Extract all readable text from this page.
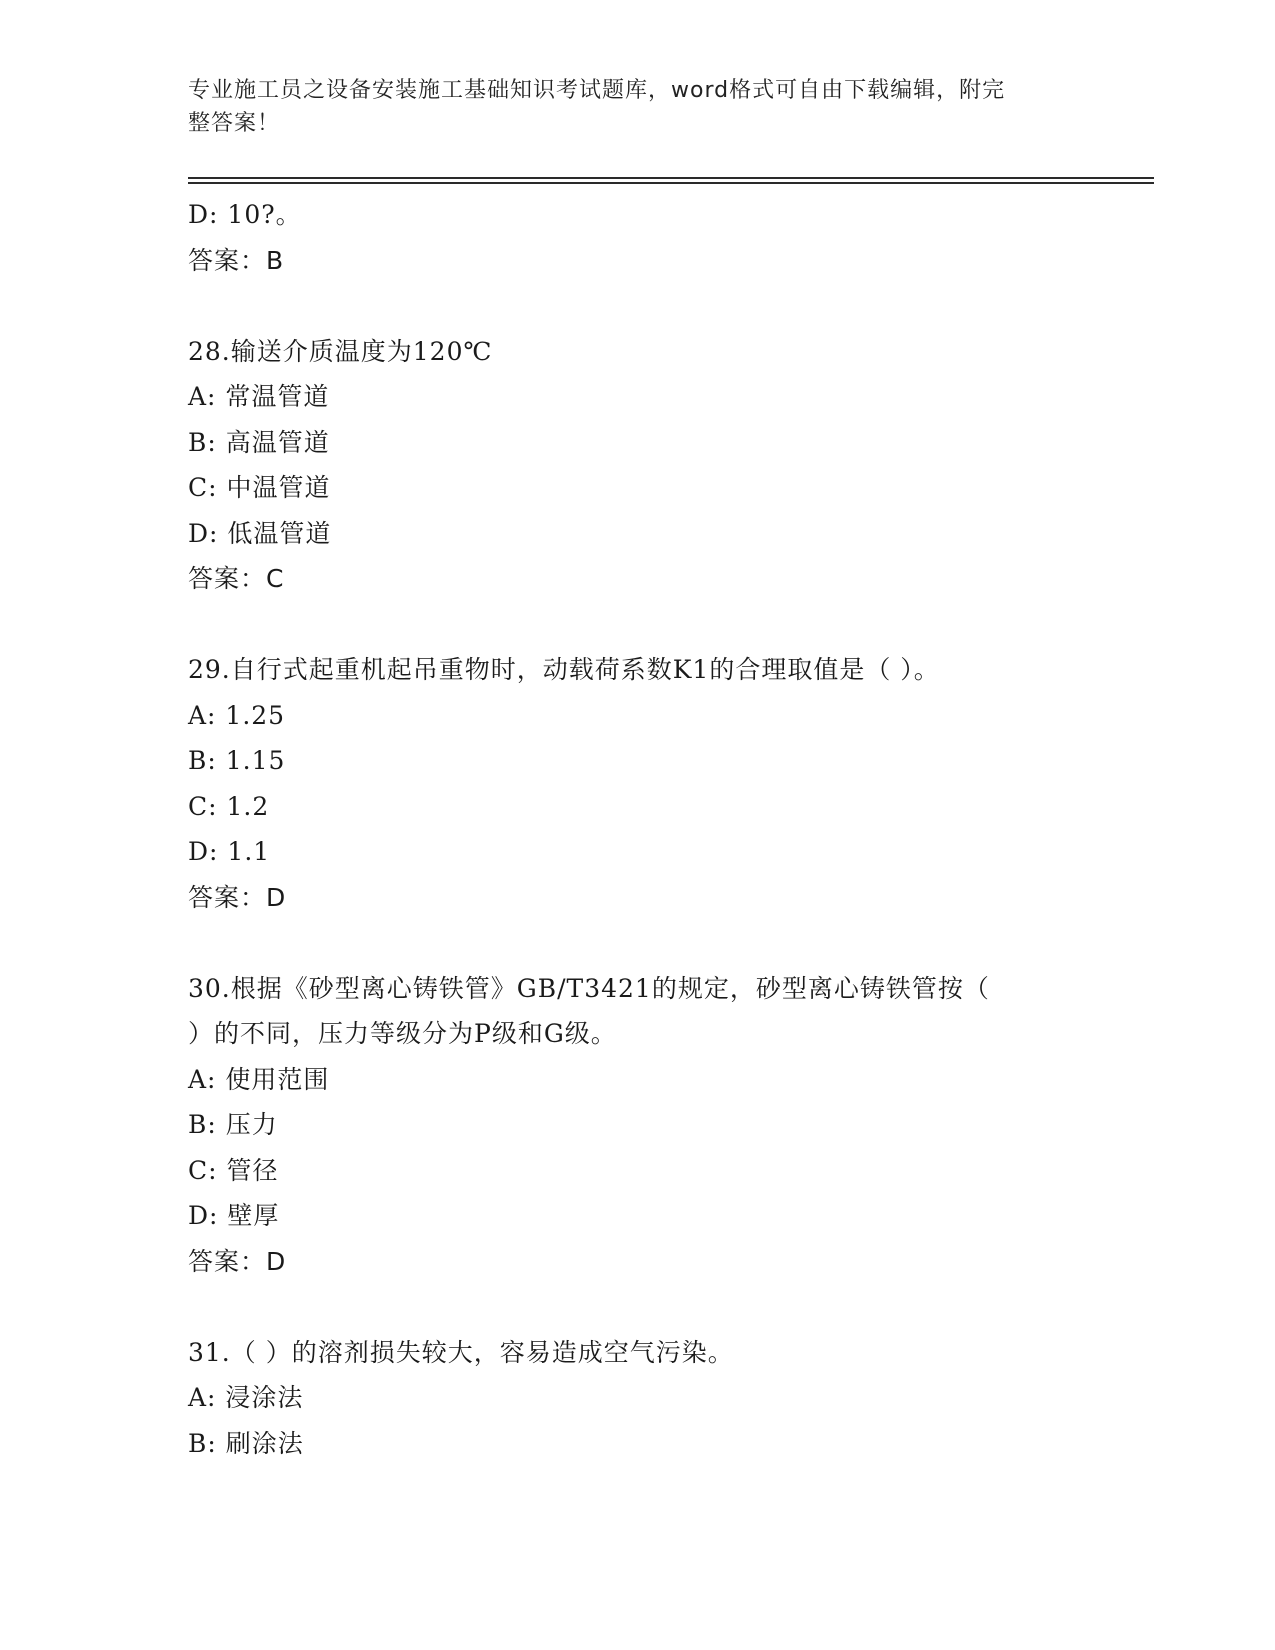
专业施工员之设备安装施工基础知识考试题库，word格式可自由下载编辑，附完
整答案！
D: 10?。
答案：B
28.输送介质温度为120℃
A: 常温管道
B: 高温管道
C: 中温管道
D: 低温管道
答案：C
29.自行式起重机起吊重物时，动载荷系数K1的合理取值是（ ）。
A: 1.25
B: 1.15
C: 1.2
D: 1.1
答案：D
30.根据《砂型离心铸铁管》GB/T3421的规定，砂型离心铸铁管按（
）的不同，压力等级分为P级和G级。
A: 使用范围
B: 压力
C: 管径
D: 壁厚
答案：D
31.（ ）的溶剂损失较大，容易造成空气污染。
A: 浸涂法
B: 刷涂法
